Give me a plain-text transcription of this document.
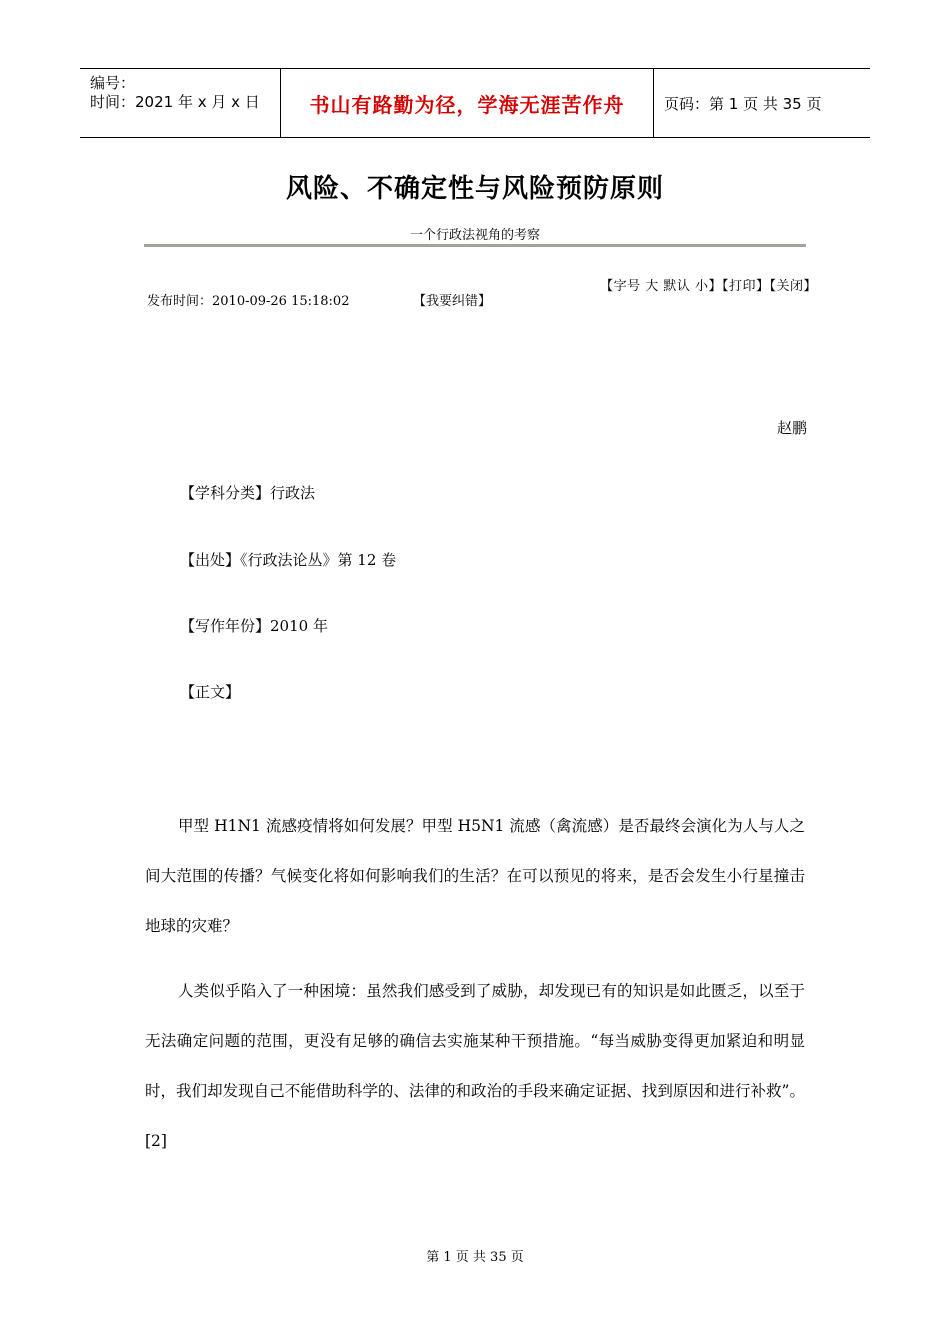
编号：
时间：2021 年 x 月 x 日 书山有路勤为径，学海无涯苦作舟	页码：第 1 页 共 35 页
风险、不确定性与风险预防原则
一个行政法视角的考察
发布时间：2010-09-26 15:18:02	【我要纠错】
【字号 大 默认 小】【打印】【关闭】
赵鹏
【学科分类】行政法
【出处】《行政法论丛》第 12 卷
【写作年份】2010 年
【正文】

甲型 H1N1 流感疫情将如何发展？甲型 H5N1 流感（禽流感）是否最终会演化为人与人之间大范围的传播？气候变化将如何影响我们的生活？在可以预见的将来，是否会发生小行星撞击地球的灾难？

人类似乎陷入了一种困境：虽然我们感受到了威胁，却发现已有的知识是如此匮乏，以至于无法确定问题的范围，更没有足够的确信去实施某种干预措施。“每当威胁变得更加紧迫和明显时，我们却发现自己不能借助科学的、法律的和政治的手段来确定证据、找到原因和进行补救”。[2]

第 1 页 共 35 页
